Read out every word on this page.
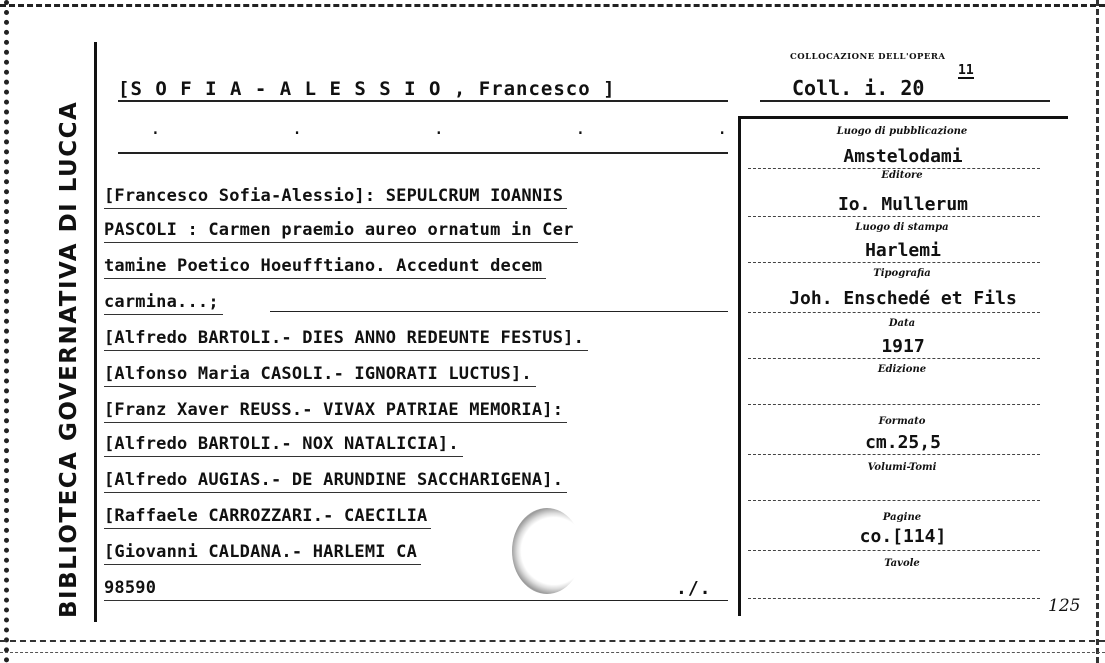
BIBLIOTECA GOVERNATIVA DI LUCCA
[S O F I A - A L E S S I O , Francesco ]
. . . . .
[Francesco Sofia-Alessio]: SEPULCRUM IOANNIS
PASCOLI : Carmen praemio aureo ornatum in Cer
tamine Poetico Hoeufftiano. Accedunt decem
carmina...;
[Alfredo BARTOLI.- DIES ANNO REDEUNTE FESTUS].
[Alfonso Maria CASOLI.- IGNORATI LUCTUS].
[Franz Xaver REUSS.- VIVAX PATRIAE MEMORIA]:
[Alfredo BARTOLI.- NOX NATALICIA].
[Alfredo AUGIAS.- DE ARUNDINE SACCHARIGENA].
[Raffaele CARROZZARI.- CAECILIA
[Giovanni CALDANA.- HARLEMI CA
98590	./.
COLLOCAZIONE DELL'OPERA
Coll. i. 20
11
Luogo di pubblicazione
Amstelodami
Editore
Io. Mullerum
Luogo di stampa
Harlemi
Tipografia
Joh. Enschedé et Fils
Data
1917
Edizione
Formato
cm.25,5
Volumi-Tomi
Pagine
co.[114]
Tavole
125
